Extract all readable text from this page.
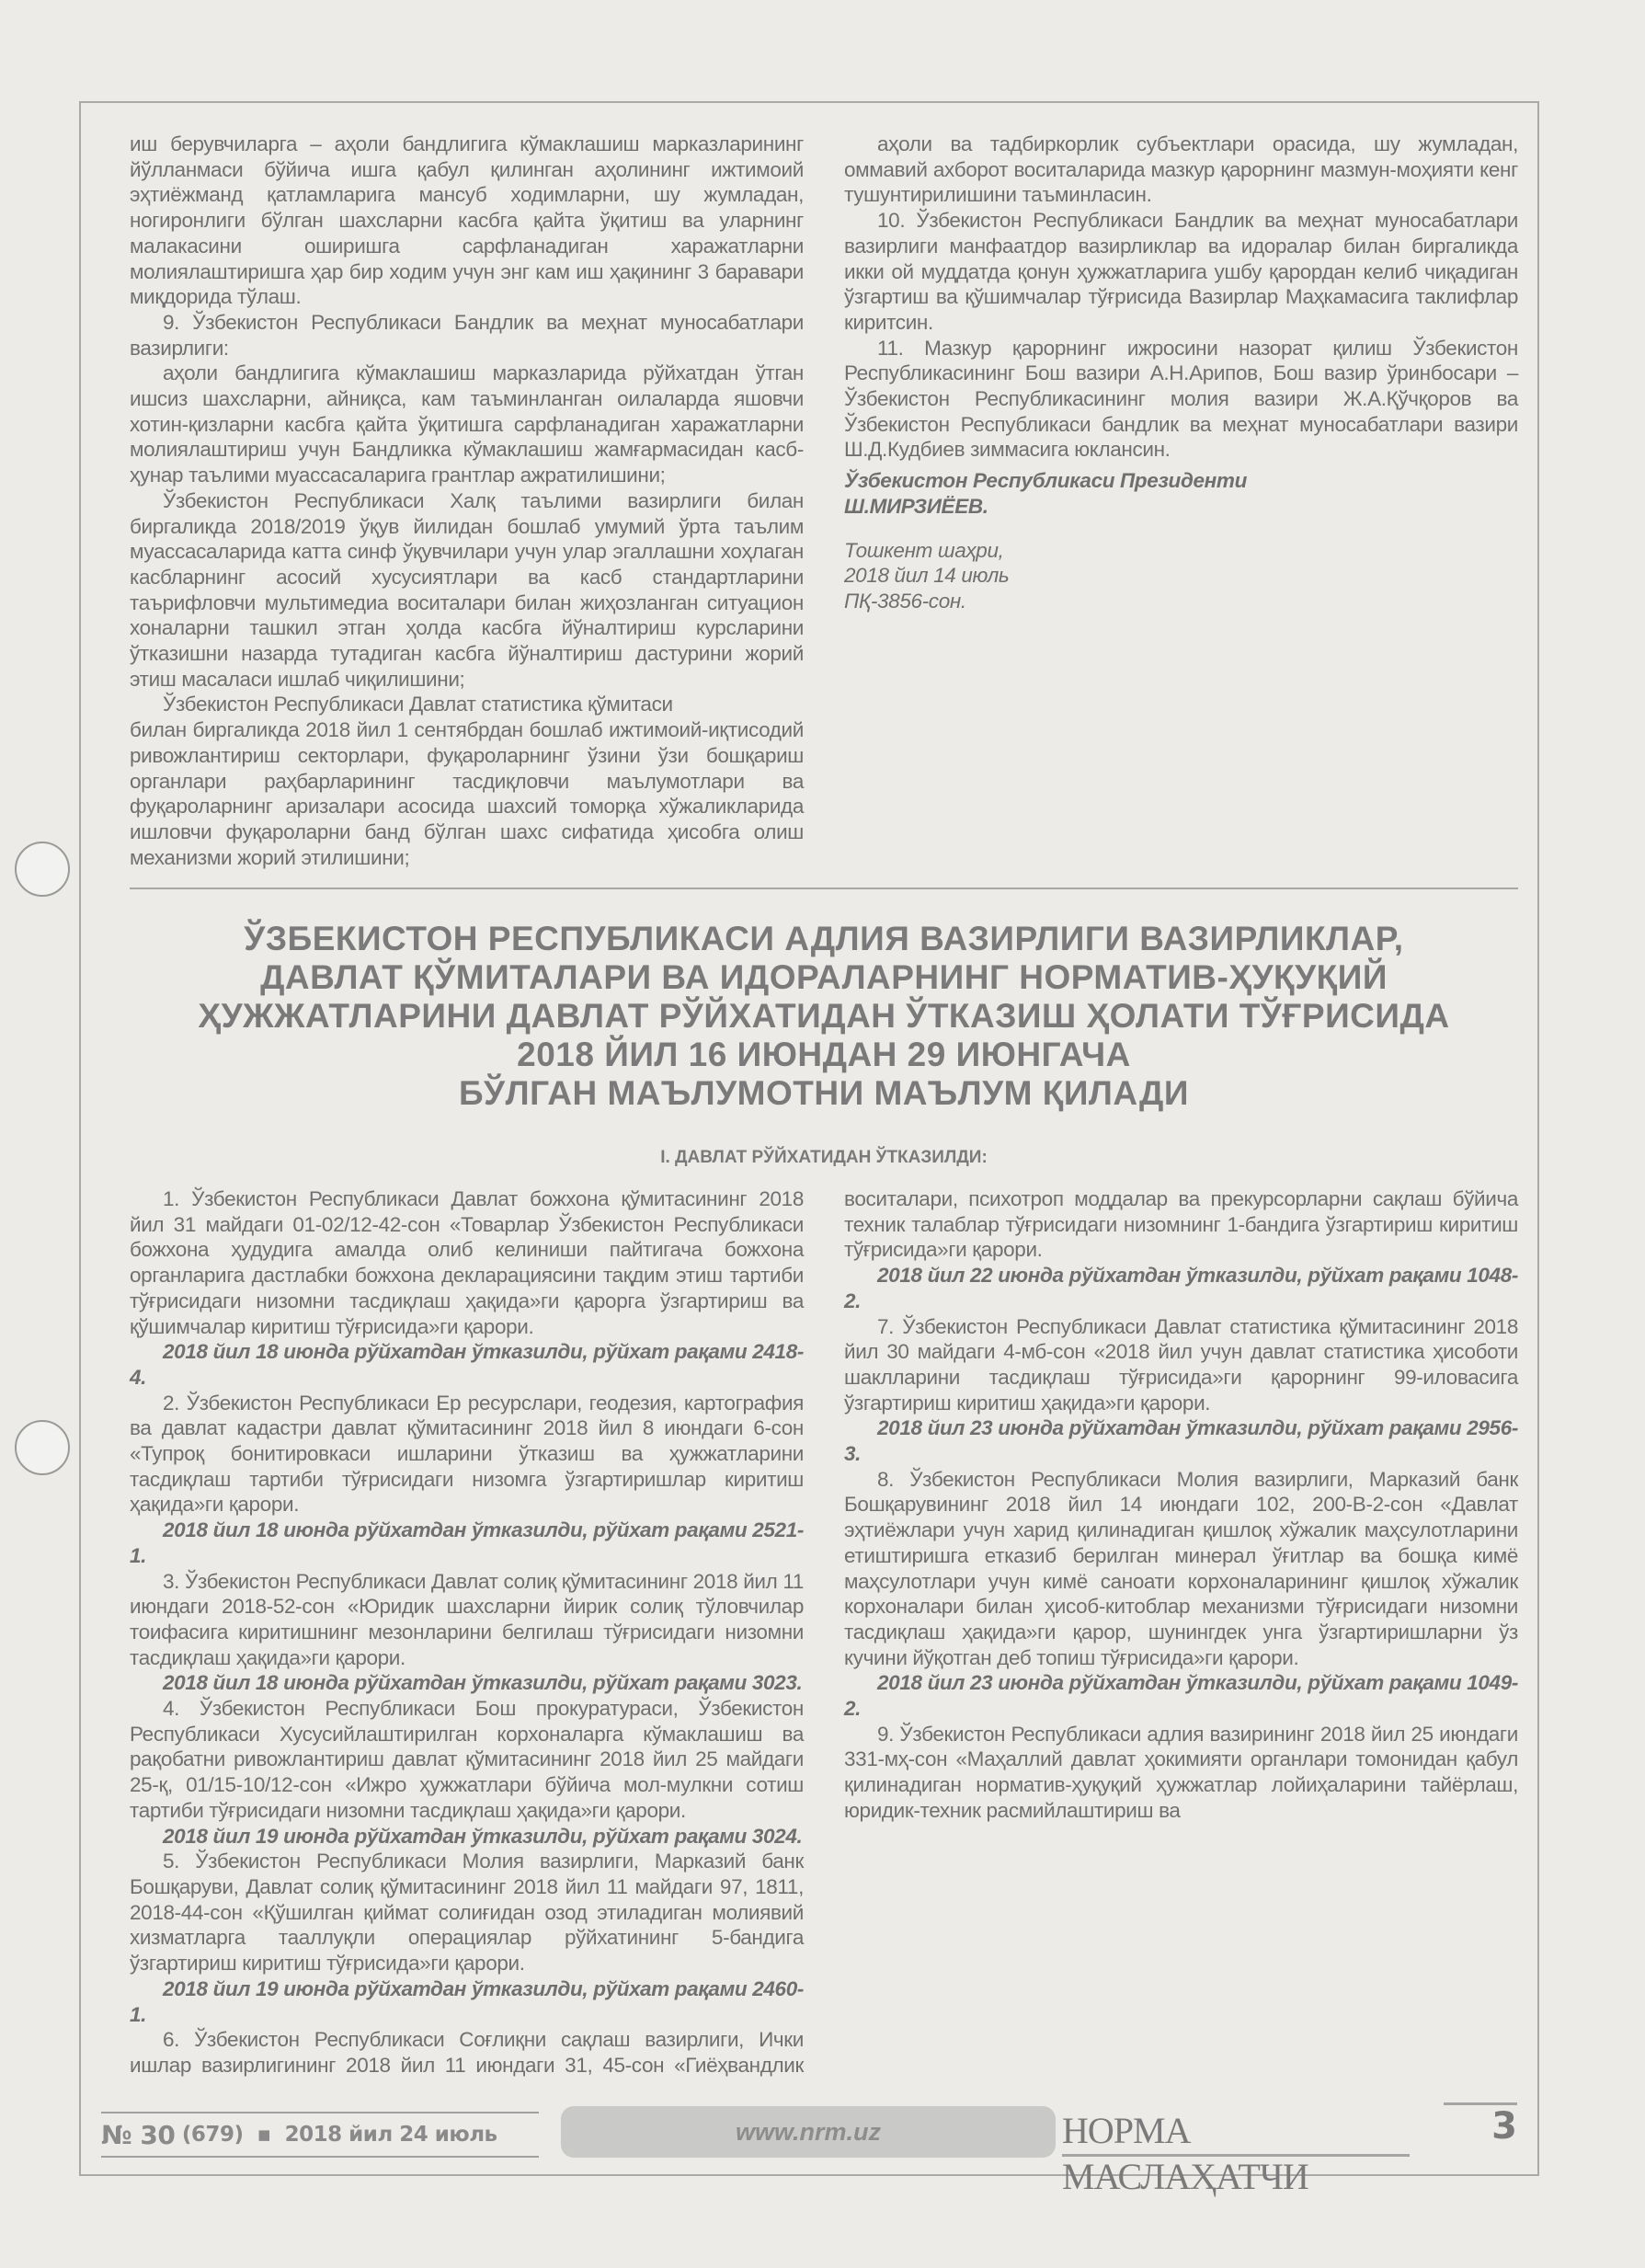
иш берувчиларга – аҳоли бандлигига кўмаклашиш марказларининг йўлланмаси бўйича ишга қабул қилинган аҳолининг ижтимоий эҳтиёжманд қатламларига мансуб ходимларни, шу жумладан, ногиронлиги бўлган шахсларни касбга қайта ўқитиш ва уларнинг малакасини оширишга сарфланадиган харажатларни молиялаштиришга ҳар бир ходим учун энг кам иш ҳақининг 3 баравари миқдорида тўлаш.

9. Ўзбекистон Республикаси Бандлик ва меҳнат муносабатлари вазирлиги:

аҳоли бандлигига кўмаклашиш марказларида рўйхатдан ўтган ишсиз шахсларни, айниқса, кам таъминланган оилаларда яшовчи хотин-қизларни касбга қайта ўқитишга сарфланадиган харажатларни молиялаштириш учун Бандликка кўмаклашиш жамғармасидан касб-ҳунар таълими муассасаларига грантлар ажратилишини;

Ўзбекистон Республикаси Халқ таълими вазирлиги билан биргаликда 2018/2019 ўқув йилидан бошлаб умумий ўрта таълим муассасаларида катта синф ўқувчилари учун улар эгаллашни хоҳлаган касбларнинг асосий хусусиятлари ва касб стандартларини таърифловчи мультимедиа воситалари билан жиҳозланган ситуацион хоналарни ташкил этган ҳолда касбга йўналтириш курсларини ўтказишни назарда тутадиган касбга йўналтириш дастурини жорий этиш масаласи ишлаб чиқилишини;

Ўзбекистон Республикаси Давлат статистика қўмитаси

билан биргаликда 2018 йил 1 сентябрдан бошлаб ижтимоий-иқтисодий ривожлантириш секторлари, фуқароларнинг ўзини ўзи бошқариш органлари раҳбарларининг тасдиқловчи маълумотлари ва фуқароларнинг аризалари асосида шахсий томорқа хўжаликларида ишловчи фуқароларни банд бўлган шахс сифатида ҳисобга олиш механизми жорий этилишини;

аҳоли ва тадбиркорлик субъектлари орасида, шу жумладан, оммавий ахборот воситаларида мазкур қарорнинг мазмун-моҳияти кенг тушунтирилишини таъминласин.

10. Ўзбекистон Республикаси Бандлик ва меҳнат муносабатлари вазирлиги манфаатдор вазирликлар ва идоралар билан биргаликда икки ой муддатда қонун ҳужжатларига ушбу қарордан келиб чиқадиган ўзгартиш ва қўшимчалар тўғрисида Вазирлар Маҳкамасига таклифлар киритсин.

11. Мазкур қарорнинг ижросини назорат қилиш Ўзбекистон Республикасининг Бош вазири А.Н.Арипов, Бош вазир ўринбосари – Ўзбекистон Республикасининг молия вазири Ж.А.Қўчқоров ва Ўзбекистон Республикаси бандлик ва меҳнат муносабатлари вазири Ш.Д.Кудбиев зиммасига юклансин.

Ўзбекистон Республикаси Президенти

Ш.МИРЗИЁЕВ.

Тошкент шаҳри,

2018 йил 14 июль

ПҚ-3856-сон.

ЎЗБЕКИСТОН РЕСПУБЛИКАСИ АДЛИЯ ВАЗИРЛИГИ ВАЗИРЛИКЛАР,
ДАВЛАТ ҚЎМИТАЛАРИ ВА ИДОРАЛАРНИНГ НОРМАТИВ-ҲУҚУҚИЙ
ҲУЖЖАТЛАРИНИ ДАВЛАТ РЎЙХАТИДАН ЎТКАЗИШ ҲОЛАТИ ТЎҒРИСИДА
2018 ЙИЛ 16 ИЮНДАН 29 ИЮНГАЧА
БЎЛГАН МАЪЛУМОТНИ МАЪЛУМ ҚИЛАДИ
I. ДАВЛАТ РЎЙХАТИДАН ЎТКАЗИЛДИ:

1. Ўзбекистон Республикаси Давлат божхона қўмитасининг 2018 йил 31 майдаги 01-02/12-42-сон «Товарлар Ўзбекистон Республикаси божхона ҳудудига амалда олиб келиниши пайтигача божхона органларига дастлабки божхона декларациясини тақдим этиш тартиби тўғрисидаги низомни тасдиқлаш ҳақида»ги қарорга ўзгартириш ва қўшимчалар киритиш тўғрисида»ги қарори.

2018 йил 18 июнда рўйхатдан ўтказилди, рўйхат рақами 2418-4.

2. Ўзбекистон Республикаси Ер ресурслари, геодезия, картография ва давлат кадастри давлат қўмитасининг 2018 йил 8 июндаги 6-сон «Тупроқ бонитировкаси ишларини ўтказиш ва ҳужжатларини тасдиқлаш тартиби тўғрисидаги низомга ўзгартиришлар киритиш ҳақида»ги қарори.

2018 йил 18 июнда рўйхатдан ўтказилди, рўйхат рақами 2521-1.

3. Ўзбекистон Республикаси Давлат солиқ қўмитасининг 2018 йил 11 июндаги 2018-52-сон «Юридик шахсларни йирик солиқ тўловчилар тоифасига киритишнинг мезонларини белгилаш тўғрисидаги низомни тасдиқлаш ҳақида»ги қарори.

2018 йил 18 июнда рўйхатдан ўтказилди, рўйхат рақами 3023.

4. Ўзбекистон Республикаси Бош прокуратураси, Ўзбекистон Республикаси Хусусийлаштирилган корхоналарга кўмаклашиш ва рақобатни ривожлантириш давлат қўмитасининг 2018 йил 25 майдаги 25-қ, 01/15-10/12-сон «Ижро ҳужжатлари бўйича мол-мулкни сотиш тартиби тўғрисидаги низомни тасдиқлаш ҳақида»ги қарори.

2018 йил 19 июнда рўйхатдан ўтказилди, рўйхат рақами 3024.

5. Ўзбекистон Республикаси Молия вазирлиги, Марказий банк Бошқаруви, Давлат солиқ қўмитасининг 2018 йил 11 майдаги 97, 1811, 2018-44-сон «Қўшилган қиймат солиғидан озод этиладиган молиявий хизматларга тааллуқли операциялар рўйхатининг 5-бандига ўзгартириш киритиш тўғрисида»ги қарори.

2018 йил 19 июнда рўйхатдан ўтказилди, рўйхат рақами 2460-1.

6. Ўзбекистон Республикаси Соғлиқни сақлаш вазирлиги, Ички ишлар вазирлигининг 2018 йил 11 июндаги 31, 45-сон «Гиёҳвандлик воситалари, психотроп моддалар ва прекурсорларни сақлаш бўйича техник талаблар тўғрисидаги низомнинг 1-бандига ўзгартириш киритиш тўғрисида»ги қарори.

2018 йил 22 июнда рўйхатдан ўтказилди, рўйхат рақами 1048-2.

7. Ўзбекистон Республикаси Давлат статистика қўмитасининг 2018 йил 30 майдаги 4-мб-сон «2018 йил учун давлат статистика ҳисоботи шаклларини тасдиқлаш тўғрисида»ги қарорнинг 99-иловасига ўзгартириш киритиш ҳақида»ги қарори.

2018 йил 23 июнда рўйхатдан ўтказилди, рўйхат рақами 2956-3.

8. Ўзбекистон Республикаси Молия вазирлиги, Марказий банк Бошқарувининг 2018 йил 14 июндаги 102, 200-В-2-сон «Давлат эҳтиёжлари учун харид қилинадиган қишлоқ хўжалик маҳсулотларини етиштиришга етказиб берилган минерал ўғитлар ва бошқа кимё маҳсулотлари учун кимё саноати корхоналарининг қишлоқ хўжалик корхоналари билан ҳисоб-китоблар механизми тўғрисидаги низомни тасдиқлаш ҳақида»ги қарор, шунингдек унга ўзгартиришларни ўз кучини йўқотган деб топиш тўғрисида»ги қарори.

2018 йил 23 июнда рўйхатдан ўтказилди, рўйхат рақами 1049-2.

9. Ўзбекистон Республикаси адлия вазирининг 2018 йил 25 июндаги 331-мҳ-сон «Маҳаллий давлат ҳокимияти органлари томонидан қабул қилинадиган норматив-ҳуқуқий ҳужжатлар лойиҳаларини тайёрлаш, юридик-техник расмийлаштириш ва

№ 30
(679)
▪
2018 йил 24 июль	www.nrm.uz	НОРМА МАСЛАҲАТЧИ
3
